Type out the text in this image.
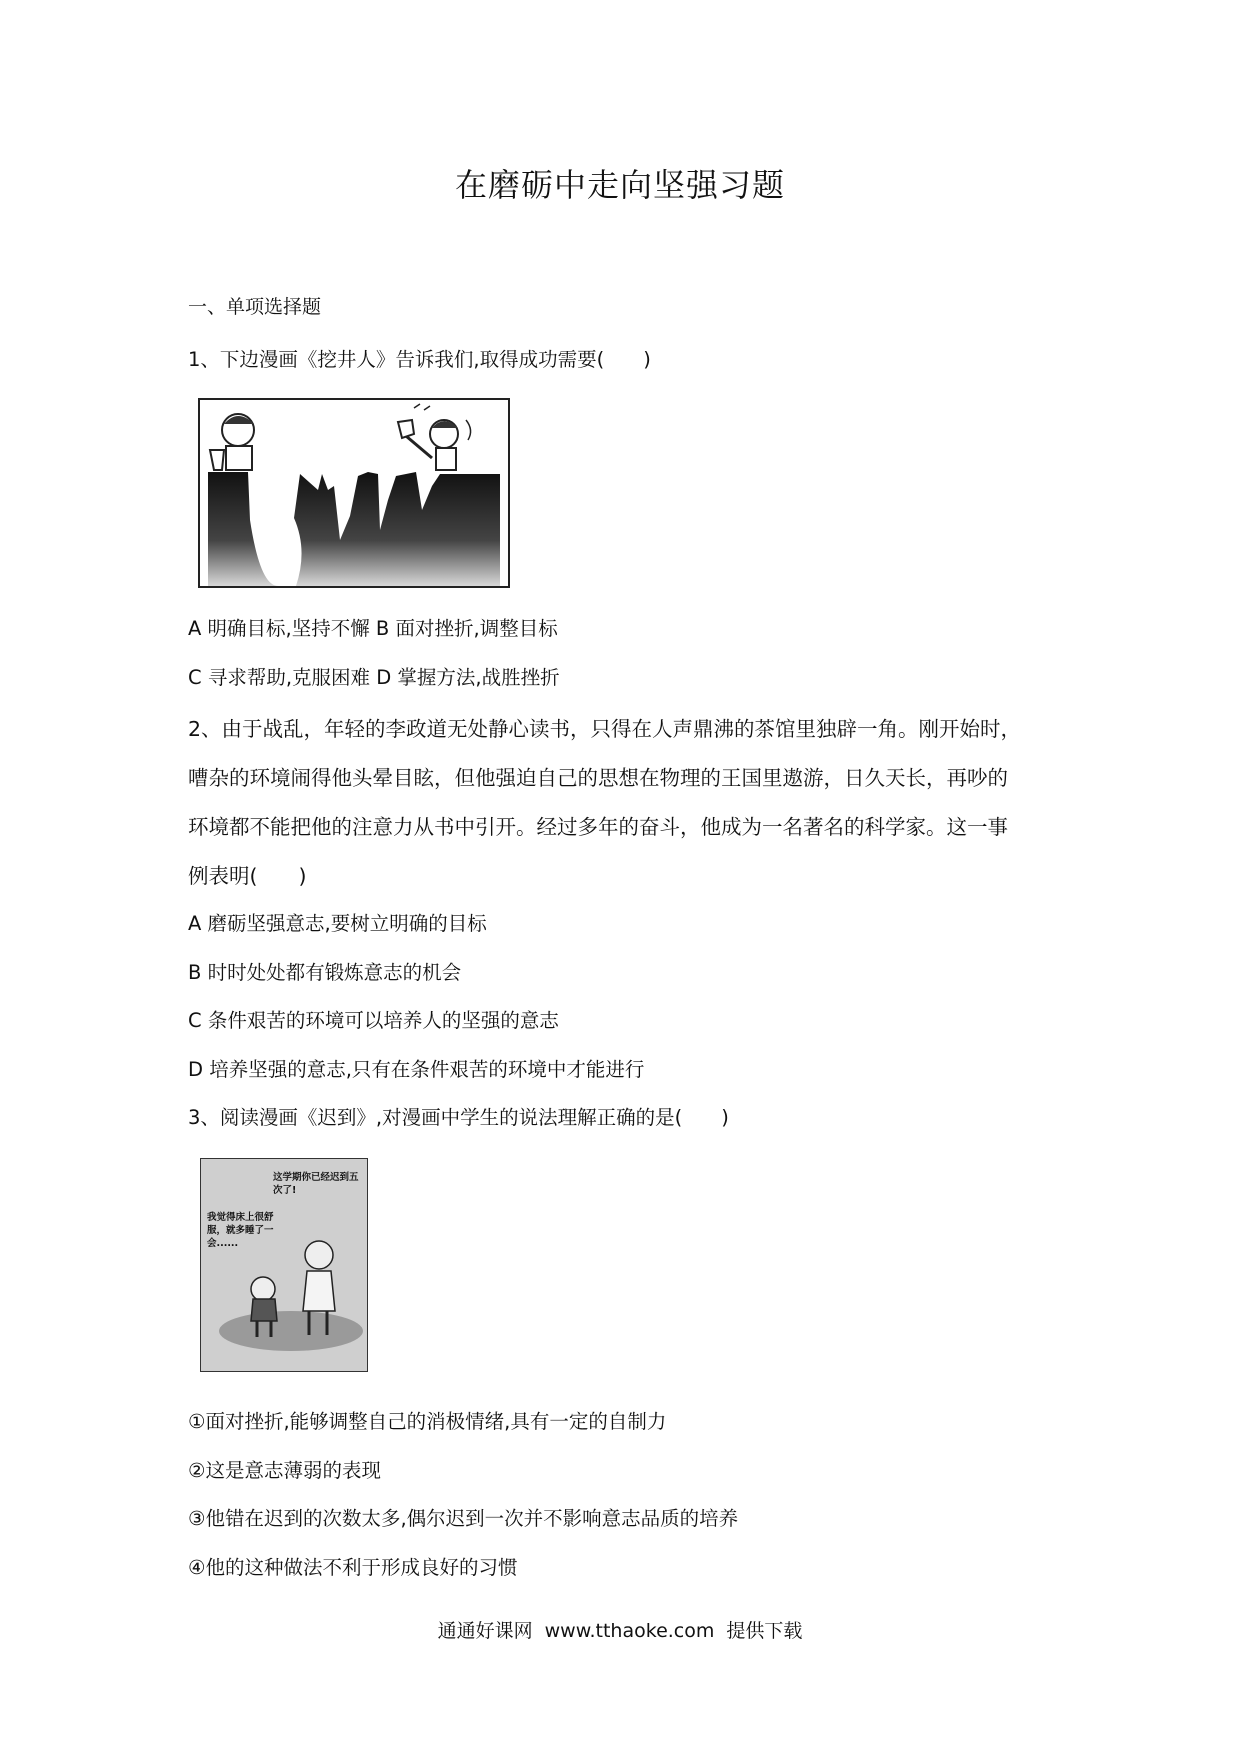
在磨砺中走向坚强习题
一、单项选择题
1、下边漫画《挖井人》告诉我们,取得成功需要(　　)
A 明确目标,坚持不懈 B 面对挫折,调整目标
C 寻求帮助,克服困难 D 掌握方法,战胜挫折
2、由于战乱，年轻的李政道无处静心读书，只得在人声鼎沸的茶馆里独辟一角。刚开始时，
嘈杂的环境闹得他头晕目眩，但他强迫自己的思想在物理的王国里遨游，日久天长，再吵的
环境都不能把他的注意力从书中引开。经过多年的奋斗，他成为一名著名的科学家。这一事
例表明(　　)
A 磨砺坚强意志,要树立明确的目标
B 时时处处都有锻炼意志的机会
C 条件艰苦的环境可以培养人的坚强的意志
D 培养坚强的意志,只有在条件艰苦的环境中才能进行
3、阅读漫画《迟到》,对漫画中学生的说法理解正确的是(　　)
这学期你已经迟到五次了!
我觉得床上很舒服，就多睡了一会......
①面对挫折,能够调整自己的消极情绪,具有一定的自制力
②这是意志薄弱的表现
③他错在迟到的次数太多,偶尔迟到一次并不影响意志品质的培养
④他的这种做法不利于形成良好的习惯
通通好课网 www.tthaoke.com 提供下载
